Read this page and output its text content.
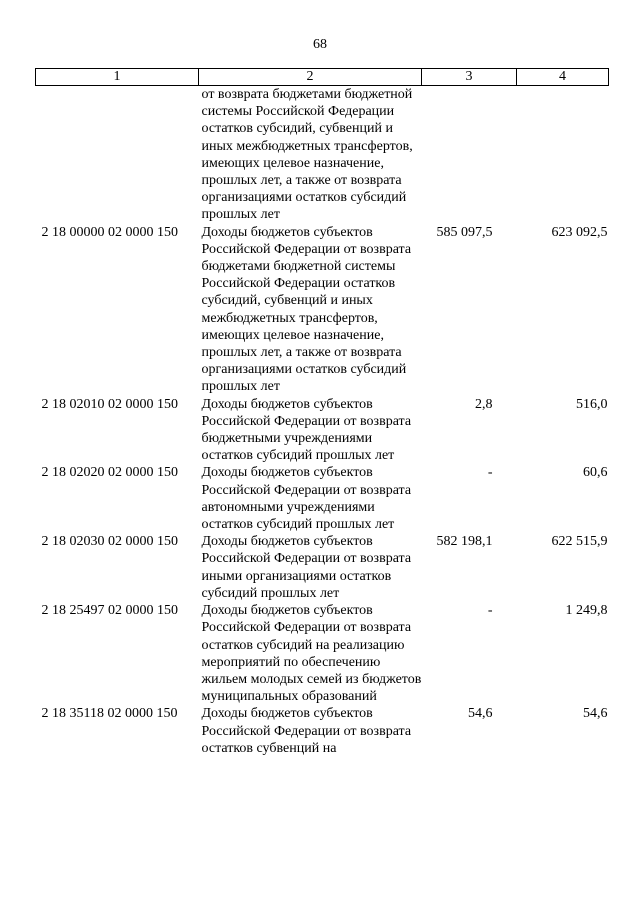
68
1	2	3	4
	от возврата бюджетами бюджетной системы Российской Федерации остатков субсидий, субвенций и иных межбюджетных трансфертов, имеющих целевое назначение, прошлых лет, а также от возврата организациями остатков субсидий прошлых лет		
2 18 00000 02 0000 150	Доходы бюджетов субъектов Российской Федерации от возврата бюджетами бюджетной системы Российской Федерации остатков субсидий, субвенций и иных межбюджетных трансфертов, имеющих целевое назначение, прошлых лет, а также от возврата организациями остатков субсидий прошлых лет	585 097,5	623 092,5
2 18 02010 02 0000 150	Доходы бюджетов субъектов Российской Федерации от возврата бюджетными учреждениями остатков субсидий прошлых лет	2,8	516,0
2 18 02020 02 0000 150	Доходы бюджетов субъектов Российской Федерации от возврата автономными учреждениями остатков субсидий прошлых лет	-	60,6
2 18 02030 02 0000 150	Доходы бюджетов субъектов Российской Федерации от возврата иными организациями остатков субсидий прошлых лет	582 198,1	622 515,9
2 18 25497 02 0000 150	Доходы бюджетов субъектов Российской Федерации от возврата остатков субсидий на реализацию мероприятий по обеспечению жильем молодых семей из бюджетов муниципальных образований	-	1 249,8
2 18 35118 02 0000 150	Доходы бюджетов субъектов Российской Федерации от возврата остатков субвенций на	54,6	54,6
